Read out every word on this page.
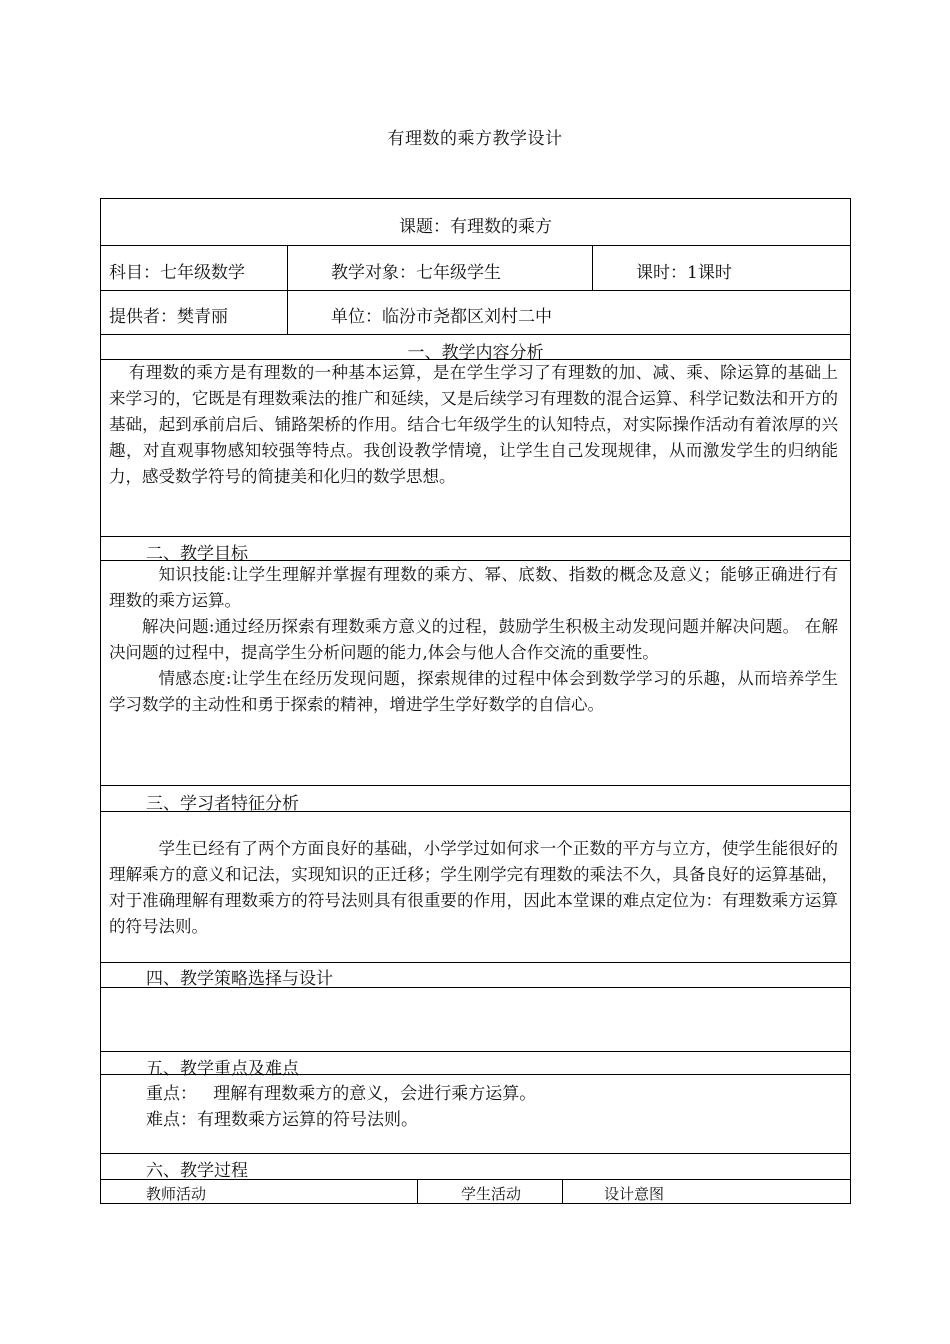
有理数的乘方教学设计
课题：有理数的乘方
科目：七年级数学	教学对象：七年级学生	课时：1课时
提供者：樊青丽	单位：临汾市尧都区刘村二中
一、教学内容分析

有理数的乘方是有理数的一种基本运算，是在学生学习了有理数的加、减、乘、除运算的基础上来学习的，它既是有理数乘法的推广和延续，又是后续学习有理数的混合运算、科学记数法和开方的基础，起到承前启后、铺路架桥的作用。结合七年级学生的认知特点，对实际操作活动有着浓厚的兴趣，对直观事物感知较强等特点。我创设教学情境，让学生自己发现规律，从而激发学生的归纳能力，感受数学符号的简捷美和化归的数学思想。

二、教学目标

知识技能:让学生理解并掌握有理数的乘方、幂、底数、指数的概念及意义；能够正确进行有理数的乘方运算。

解决问题:通过经历探索有理数乘方意义的过程，鼓励学生积极主动发现问题并解决问题。 在解决问题的过程中，提高学生分析问题的能力,体会与他人合作交流的重要性。

情感态度:让学生在经历发现问题，探索规律的过程中体会到数学学习的乐趣，从而培养学生学习数学的主动性和勇于探索的精神，增进学生学好数学的自信心。

三、学习者特征分析

学生已经有了两个方面良好的基础，小学学过如何求一个正数的平方与立方，使学生能很好的理解乘方的意义和记法，实现知识的正迁移；学生刚学完有理数的乘法不久，具备良好的运算基础，对于准确理解有理数乘方的符号法则具有很重要的作用，因此本堂课的难点定位为：有理数乘方运算的符号法则。

四、教学策略选择与设计
五、教学重点及难点
重点：   理解有理数乘方的意义，会进行乘方运算。
难点：有理数乘方运算的符号法则。
六、教学过程
教师活动	学生活动	设计意图
